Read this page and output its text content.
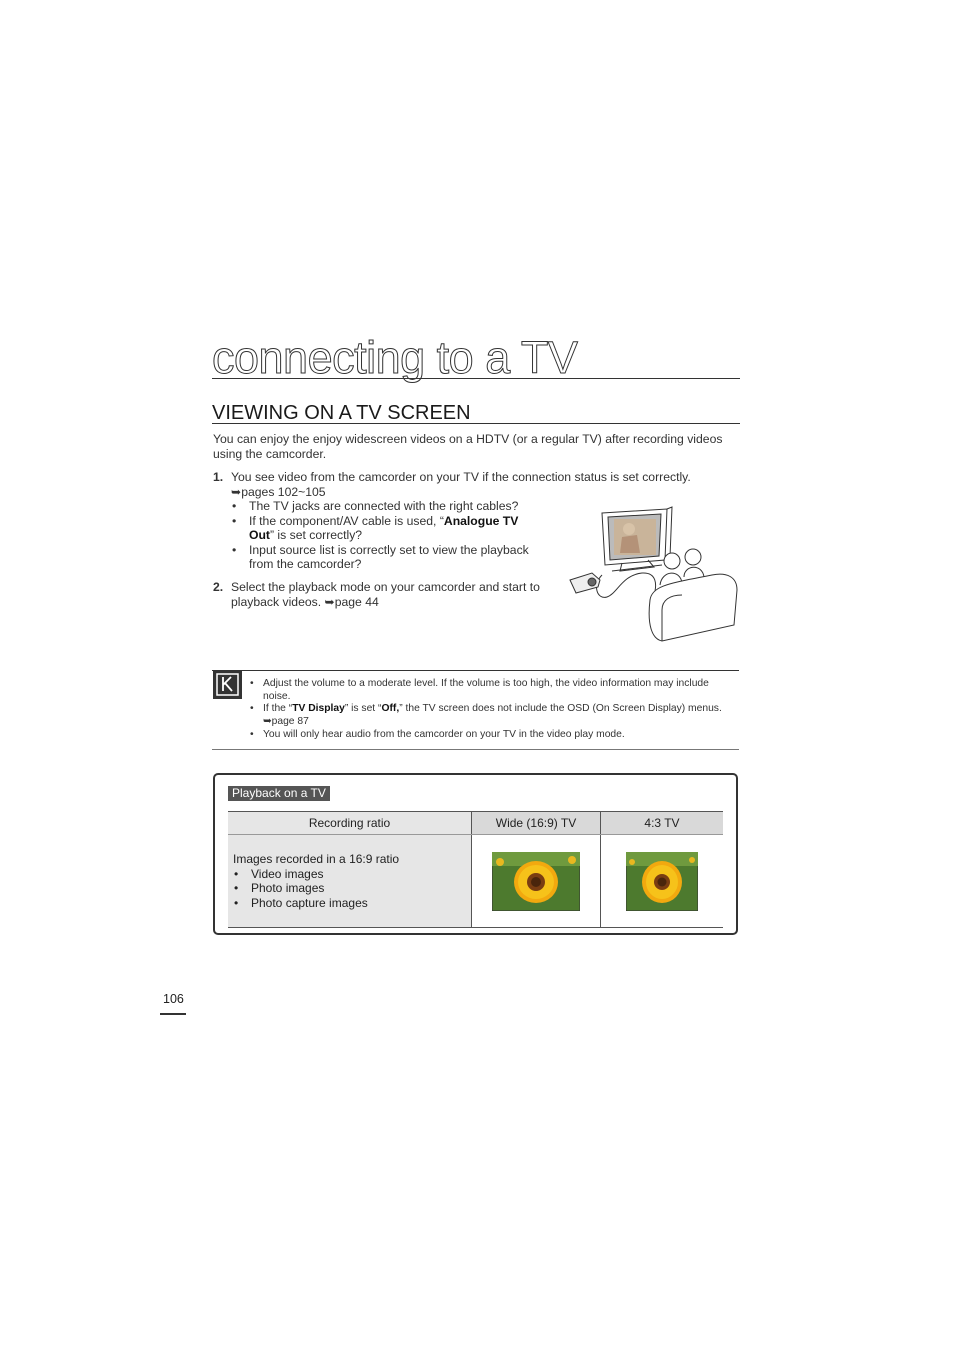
connecting to a TV
VIEWING ON A TV SCREEN
You can enjoy the enjoy widescreen videos on a HDTV (or a regular TV) after recording videos using the camcorder.
1. You see video from the camcorder on your TV if the connection status is set correctly.
➥pages 102~105
• The TV jacks are connected with the right cables?
• If the component/AV cable is used, “Analogue TV Out” is set correctly?
• Input source list is correctly set to view the playback from the camcorder?
2. Select the playback mode on your camcorder and start to playback videos. ➥page 44
• Adjust the volume to a moderate level. If the volume is too high, the video information may include noise.
• If the “TV Display” is set “Off,” the TV screen does not include the OSD (On Screen Display) menus. ➥page 87
• You will only hear audio from the camcorder on your TV in the video play mode.
Playback on a TV
Recording ratio	Wide (16:9) TV	4:3 TV

Images recorded in a 16:9 ratio
• Video images
• Photo images
• Photo capture images

106
